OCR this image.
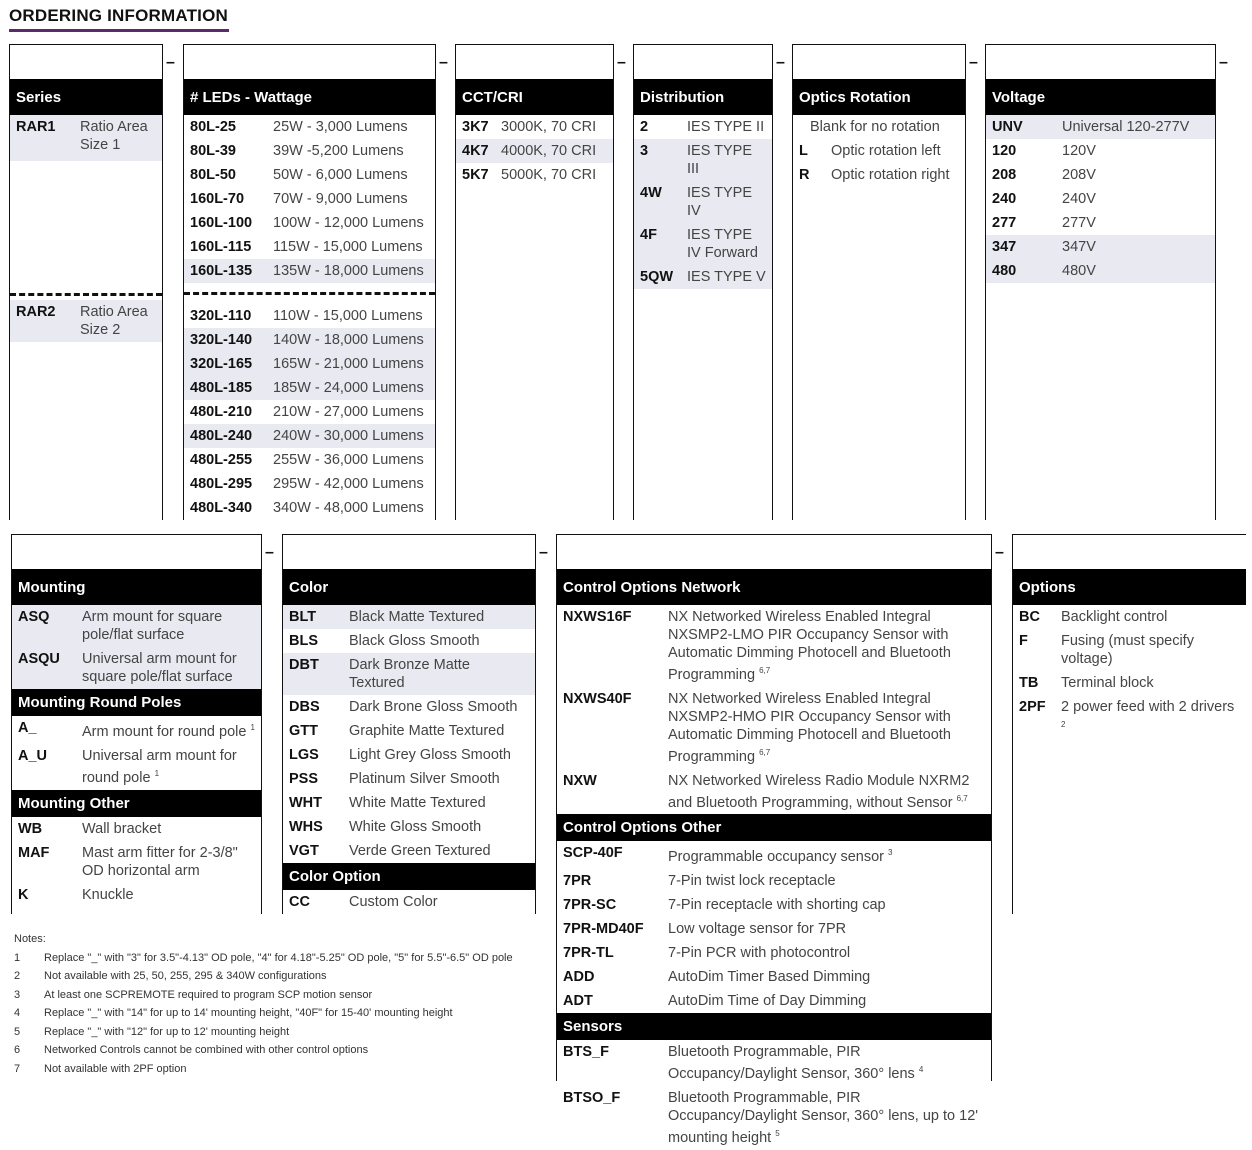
ORDERING INFORMATION
Series
RAR1	Ratio Area Size 1
RAR2	Ratio Area Size 2
–
# LEDs - Wattage
80L-25	25W - 3,000 Lumens
80L-39	39W -5,200 Lumens
80L-50	50W - 6,000 Lumens
160L-70	70W - 9,000 Lumens
160L-100	100W - 12,000 Lumens
160L-115	115W - 15,000 Lumens
160L-135	135W - 18,000 Lumens
320L-110	110W - 15,000 Lumens
320L-140	140W - 18,000 Lumens
320L-165	165W - 21,000 Lumens
480L-185	185W - 24,000 Lumens
480L-210	210W - 27,000 Lumens
480L-240	240W - 30,000 Lumens
480L-255	255W - 36,000 Lumens
480L-295	295W - 42,000 Lumens
480L-340	340W - 48,000 Lumens
–
CCT/CRI
3K7 3000K, 70 CRI
4K7 4000K, 70 CRI
5K7 5000K, 70 CRI
–
Distribution
2	IES TYPE II
3	IES TYPE III
4W	IES TYPE IV
4F	IES TYPE IV Forward
5QW IES TYPE V
–
Optics Rotation
Blank for no rotation
L	Optic rotation left
R	Optic rotation right
–
Voltage
UNV	Universal 120-277V
120	120V
208	208V
240	240V
277	277V
347	347V
480	480V
–
Mounting
ASQ	Arm mount for square pole/flat surface
ASQU	Universal arm mount for square pole/flat surface
Mounting Round Poles
A_	Arm mount for round pole $^1$
A_U	Universal arm mount for round pole $^1$
Mounting Other
WB	Wall bracket
MAF	Mast arm fitter for 2-3/8" OD horizontal arm
K	Knuckle
–
Color
BLT	Black Matte Textured
BLS	Black Gloss Smooth
DBT	Dark Bronze Matte Textured
DBS	Dark Brone Gloss Smooth
GTT	Graphite Matte Textured
LGS	Light Grey Gloss Smooth
PSS	Platinum Silver Smooth
WHT	White Matte Textured
WHS	White Gloss Smooth
VGT	Verde Green Textured
Color Option
CC	Custom Color
–
Control Options Network
NXWS16F	NX Networked Wireless Enabled Integral NXSMP2-LMO PIR Occupancy Sensor with Automatic Dimming Photocell and Bluetooth Programming $^{6,7}$
NXWS40F	NX Networked Wireless Enabled Integral NXSMP2-HMO PIR Occupancy Sensor with Automatic Dimming Photocell and Bluetooth Programming $^{6,7}$
NXW	NX Networked Wireless Radio Module NXRM2 and Bluetooth Programming, without Sensor $^{6,7}$
Control Options Other
SCP-40F	Programmable occupancy sensor $^3$
7PR	7-Pin twist lock receptacle
7PR-SC	7-Pin receptacle with shorting cap
7PR-MD40F	Low voltage sensor for 7PR
7PR-TL	7-Pin PCR with photocontrol
ADD	AutoDim Timer Based Dimming
ADT	AutoDim Time of Day Dimming
Sensors
BTS_F	Bluetooth Programmable, PIR Occupancy/Daylight Sensor, 360° lens $^4$
BTSO_F	Bluetooth Programmable, PIR Occupancy/Daylight Sensor, 360° lens, up to 12' mounting height $^5$
–
Options
BC	Backlight control
F	Fusing (must specify voltage)
TB	Terminal block
2PF	2 power feed with 2 drivers $^2$
Notes:
1	Replace "_" with "3" for 3.5"-4.13" OD pole, "4" for 4.18"-5.25" OD pole, "5" for 5.5"-6.5" OD pole
2	Not available with 25, 50, 255, 295 & 340W configurations
3	At least one SCPREMOTE required to program SCP motion sensor
4	Replace "_" with "14" for up to 14' mounting height, "40F" for 15-40' mounting height
5	Replace "_" with "12" for up to 12' mounting height
6	Networked Controls cannot be combined with other control options
7	Not available with 2PF option
